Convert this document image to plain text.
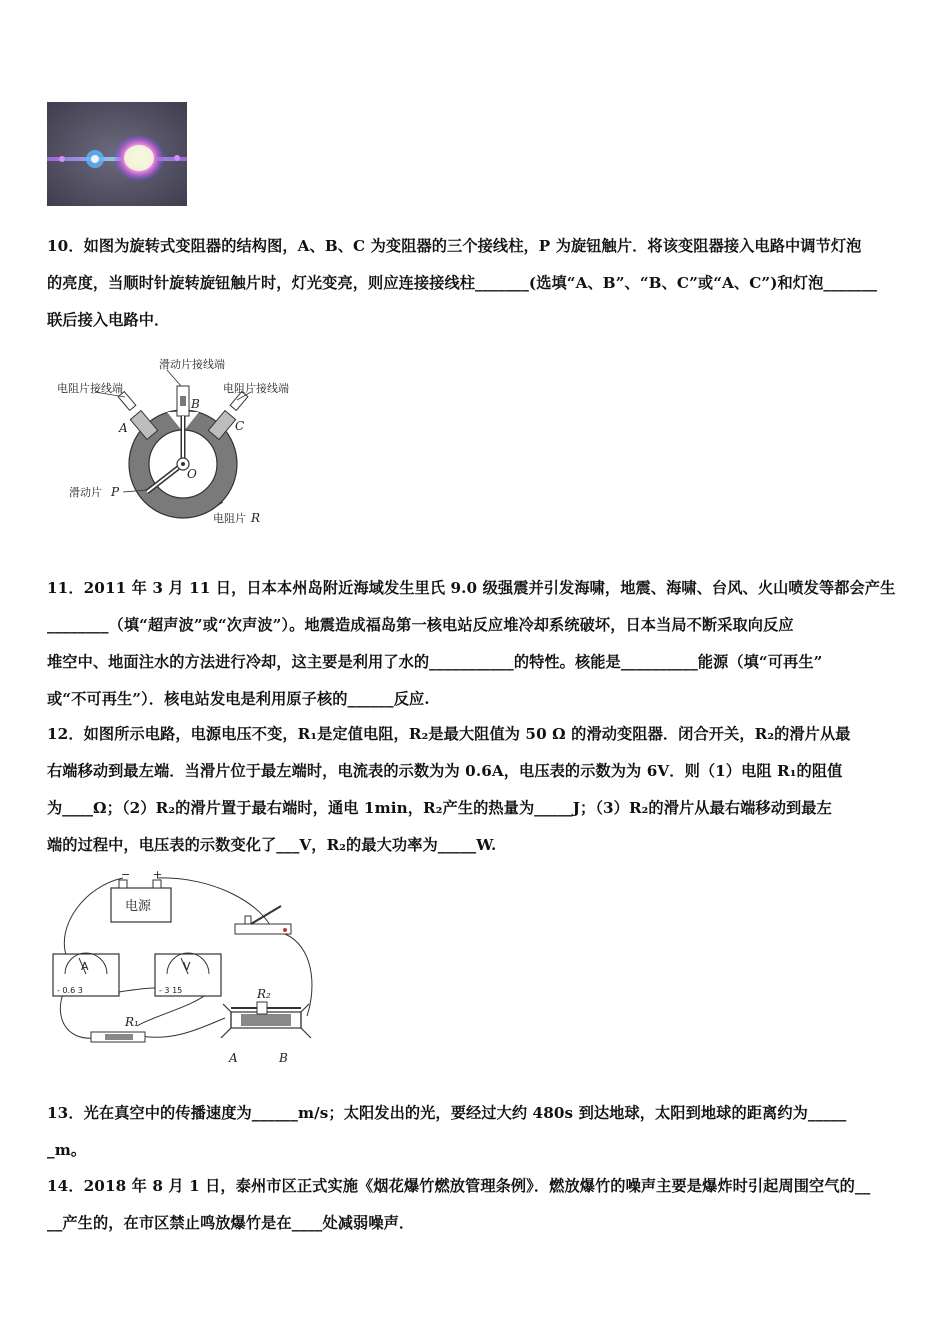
10．如图为旋转式变阻器的结构图，A、B、C 为变阻器的三个接线柱，P 为旋钮触片．将该变阻器接入电路中调节灯泡
的亮度，当顺时针旋转旋钮触片时，灯光变亮，则应连接接线柱_______(选填“A、B”、“B、C”或“A、C”)和灯泡_______
联后接入电路中．
滑动片接线端
电阻片接线端	电阻片接线端
A
B
C
O
滑动片 P
电阻片 R
11．2011 年 3 月 11 日，日本本州岛附近海域发生里氏 9.0 级强震并引发海啸，地震、海啸、台风、火山喷发等都会产生
________（填“超声波”或“次声波”）。地震造成福岛第一核电站反应堆冷却系统破坏，日本当局不断采取向反应
堆空中、地面注水的方法进行冷却，这主要是利用了水的___________的特性。核能是__________能源（填“可再生”
或“不可再生”）．核电站发电是利用原子核的______反应.
12．如图所示电路，电源电压不变，R₁是定值电阻，R₂是最大阻值为 50 Ω 的滑动变阻器．闭合开关，R₂的滑片从最
右端移动到最左端．当滑片位于最左端时，电流表的示数为为 0.6A，电压表的示数为为 6V．则（1）电阻 R₁的阻值
为____Ω；（2）R₂的滑片置于最右端时，通电 1min，R₂产生的热量为_____J；（3）R₂的滑片从最右端移动到最左
端的过程中，电压表的示数变化了___V，R₂的最大功率为_____W.
− +
电源
A
- 0.6 3
V
- 3 15
R₁
R₂
A	B
13．光在真空中的传播速度为______m/s；太阳发出的光，要经过大约 480s 到达地球，太阳到地球的距离约为_____
_m。
14．2018 年 8 月 1 日，泰州市区正式实施《烟花爆竹燃放管理条例》．燃放爆竹的噪声主要是爆炸时引起周围空气的__
__产生的，在市区禁止鸣放爆竹是在____处减弱噪声．
